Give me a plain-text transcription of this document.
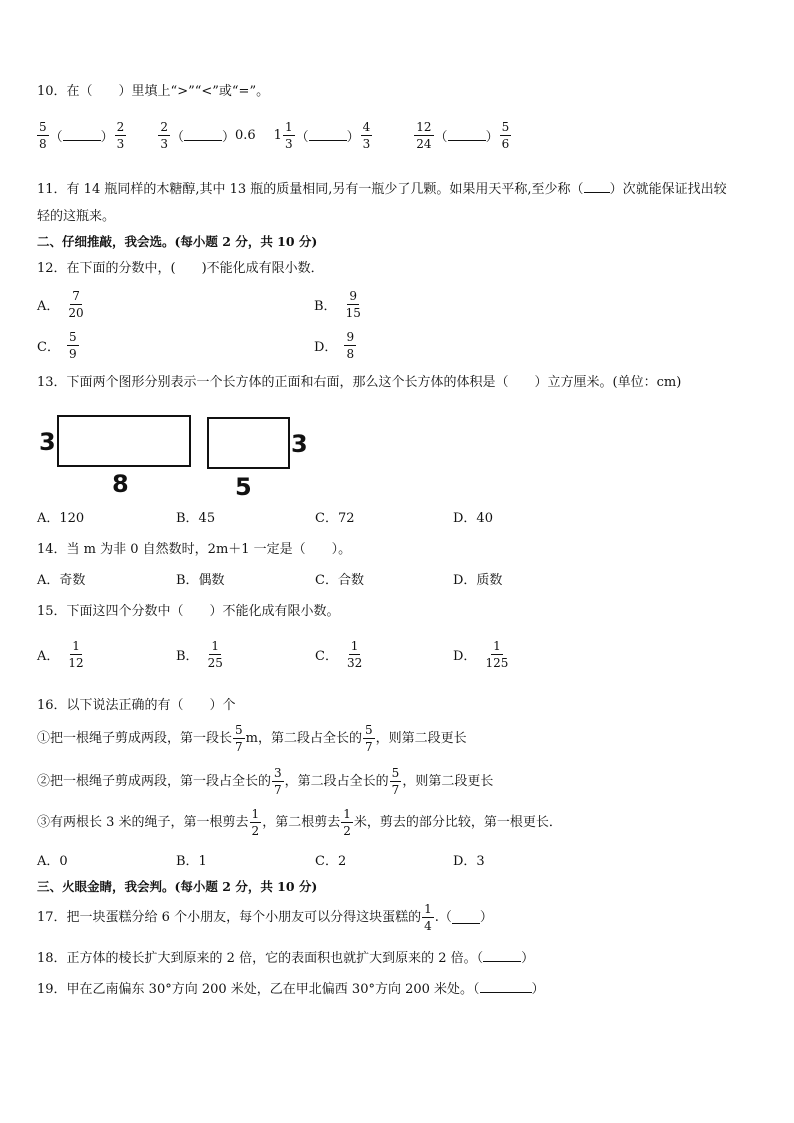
10．在（　　）里填上“>”“<”或“=”。
$\frac{5}{8}$ （	） $\frac{2}{3}$	$\frac{2}{3}$ （	） 0.6 $1 \frac{1}{3}$ （	） $\frac{4}{3}$	$\frac{12}{24}$ （	） $\frac{5}{6}$
11．有 14 瓶同样的木糖醇,其中 13 瓶的质量相同,另有一瓶少了几颗。如果用天平称,至少称（ ）次就能保证找出较
轻的这瓶来。
二、仔细推敲，我会选。(每小题 2 分，共 10 分)
12．在下面的分数中，(　　)不能化成有限小数．
A． $\frac{7}{20}$	B． $\frac{9}{15}$
C． $\frac{5}{9}$	D． $\frac{9}{8}$
13．下面两个图形分别表示一个长方体的正面和右面，那么这个长方体的体积是（　　）立方厘米。(单位：cm)
3
8
3
5
A．120	B．45	C．72	D．40
14．当 m 为非 0 自然数时，2m＋1 一定是（　　）。
A．奇数	B．偶数	C．合数	D．质数
15．下面这四个分数中（　　）不能化成有限小数。
A． $\frac{1}{12}$	B． $\frac{1}{25}$	C． $\frac{1}{32}$	D． $\frac{1}{125}$
16．以下说法正确的有（　　）个
①把一根绳子剪成两段，第一段长 $\frac{5}{7}$ m ，第二段占全长的 $\frac{5}{7}$ ，则第二段更长
②把一根绳子剪成两段，第一段占全长的 $\frac{3}{7}$ ，第二段占全长的 $\frac{5}{7}$ ，则第二段更长
③有两根长 3 米的绳子，第一根剪去 $\frac{1}{2}$ ，第二根剪去 $\frac{1}{2}$ 米，剪去的部分比较，第一根更长．
A．0	B．1	C．2	D．3
三、火眼金睛，我会判。(每小题 2 分，共 10 分)
17．把一块蛋糕分给 6 个小朋友，每个小朋友可以分得这块蛋糕的 $\frac{1}{4}$ .（ ）
18．正方体的棱长扩大到原来的 2 倍，它的表面积也就扩大到原来的 2 倍。（	）
19．甲在乙南偏东 30°方向 200 米处，乙在甲北偏西 30°方向 200 米处。（	）
